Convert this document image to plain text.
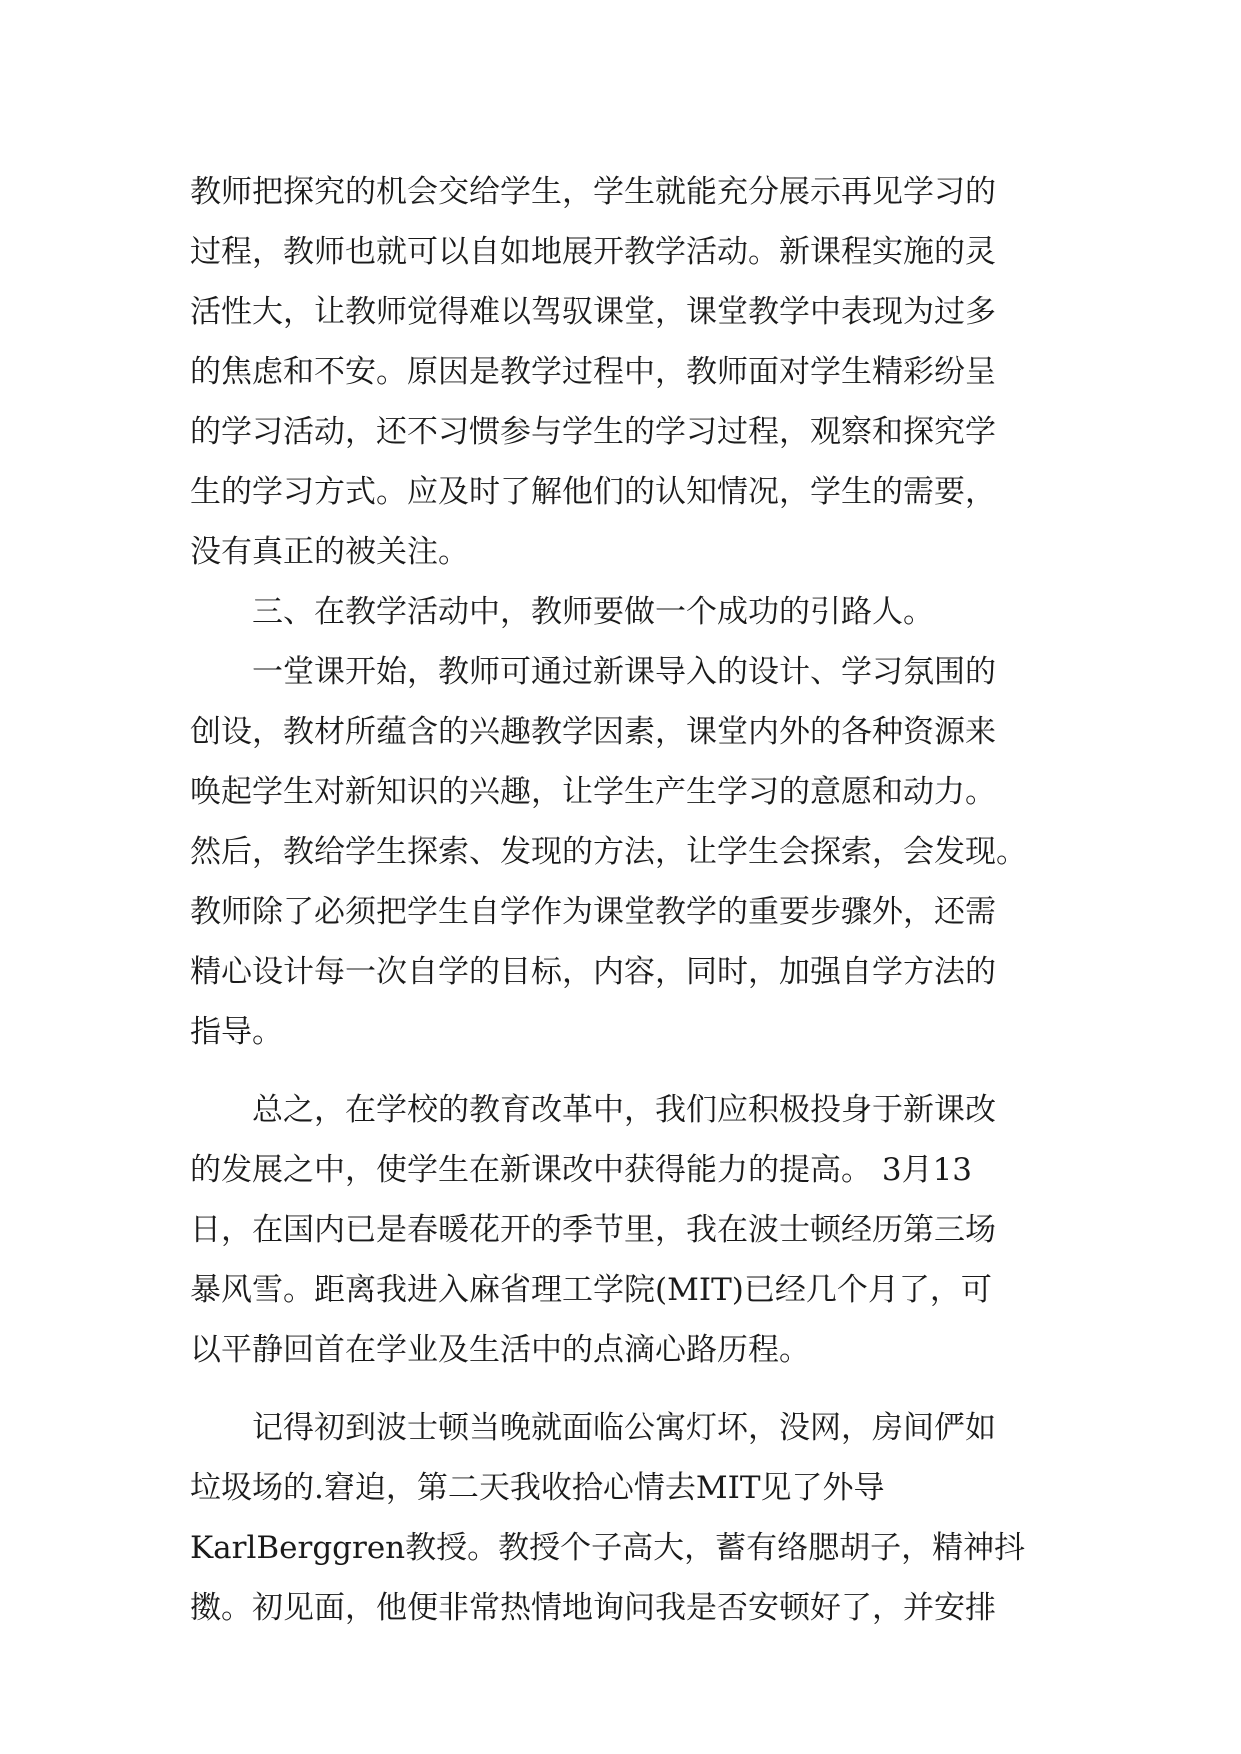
教师把探究的机会交给学生，学生就能充分展示再见学习的
过程，教师也就可以自如地展开教学活动。新课程实施的灵
活性大，让教师觉得难以驾驭课堂，课堂教学中表现为过多
的焦虑和不安。原因是教学过程中，教师面对学生精彩纷呈
的学习活动，还不习惯参与学生的学习过程，观察和探究学
生的学习方式。应及时了解他们的认知情况，学生的需要，
没有真正的被关注。
　　三、在教学活动中，教师要做一个成功的引路人。
　　一堂课开始，教师可通过新课导入的设计、学习氛围的
创设，教材所蕴含的兴趣教学因素，课堂内外的各种资源来
唤起学生对新知识的兴趣，让学生产生学习的意愿和动力。
然后，教给学生探索、发现的方法，让学生会探索，会发现。
教师除了必须把学生自学作为课堂教学的重要步骤外，还需
精心设计每一次自学的目标，内容，同时，加强自学方法的
指导。
　　总之，在学校的教育改革中，我们应积极投身于新课改
的发展之中，使学生在新课改中获得能力的提高。 3月13
日，在国内已是春暖花开的季节里，我在波士顿经历第三场
暴风雪。距离我进入麻省理工学院(MIT)已经几个月了，可
以平静回首在学业及生活中的点滴心路历程。
　　记得初到波士顿当晚就面临公寓灯坏，没网，房间俨如
垃圾场的.窘迫，第二天我收拾心情去MIT见了外导
KarlBerggren教授。教授个子高大，蓄有络腮胡子，精神抖
擞。初见面，他便非常热情地询问我是否安顿好了，并安排
